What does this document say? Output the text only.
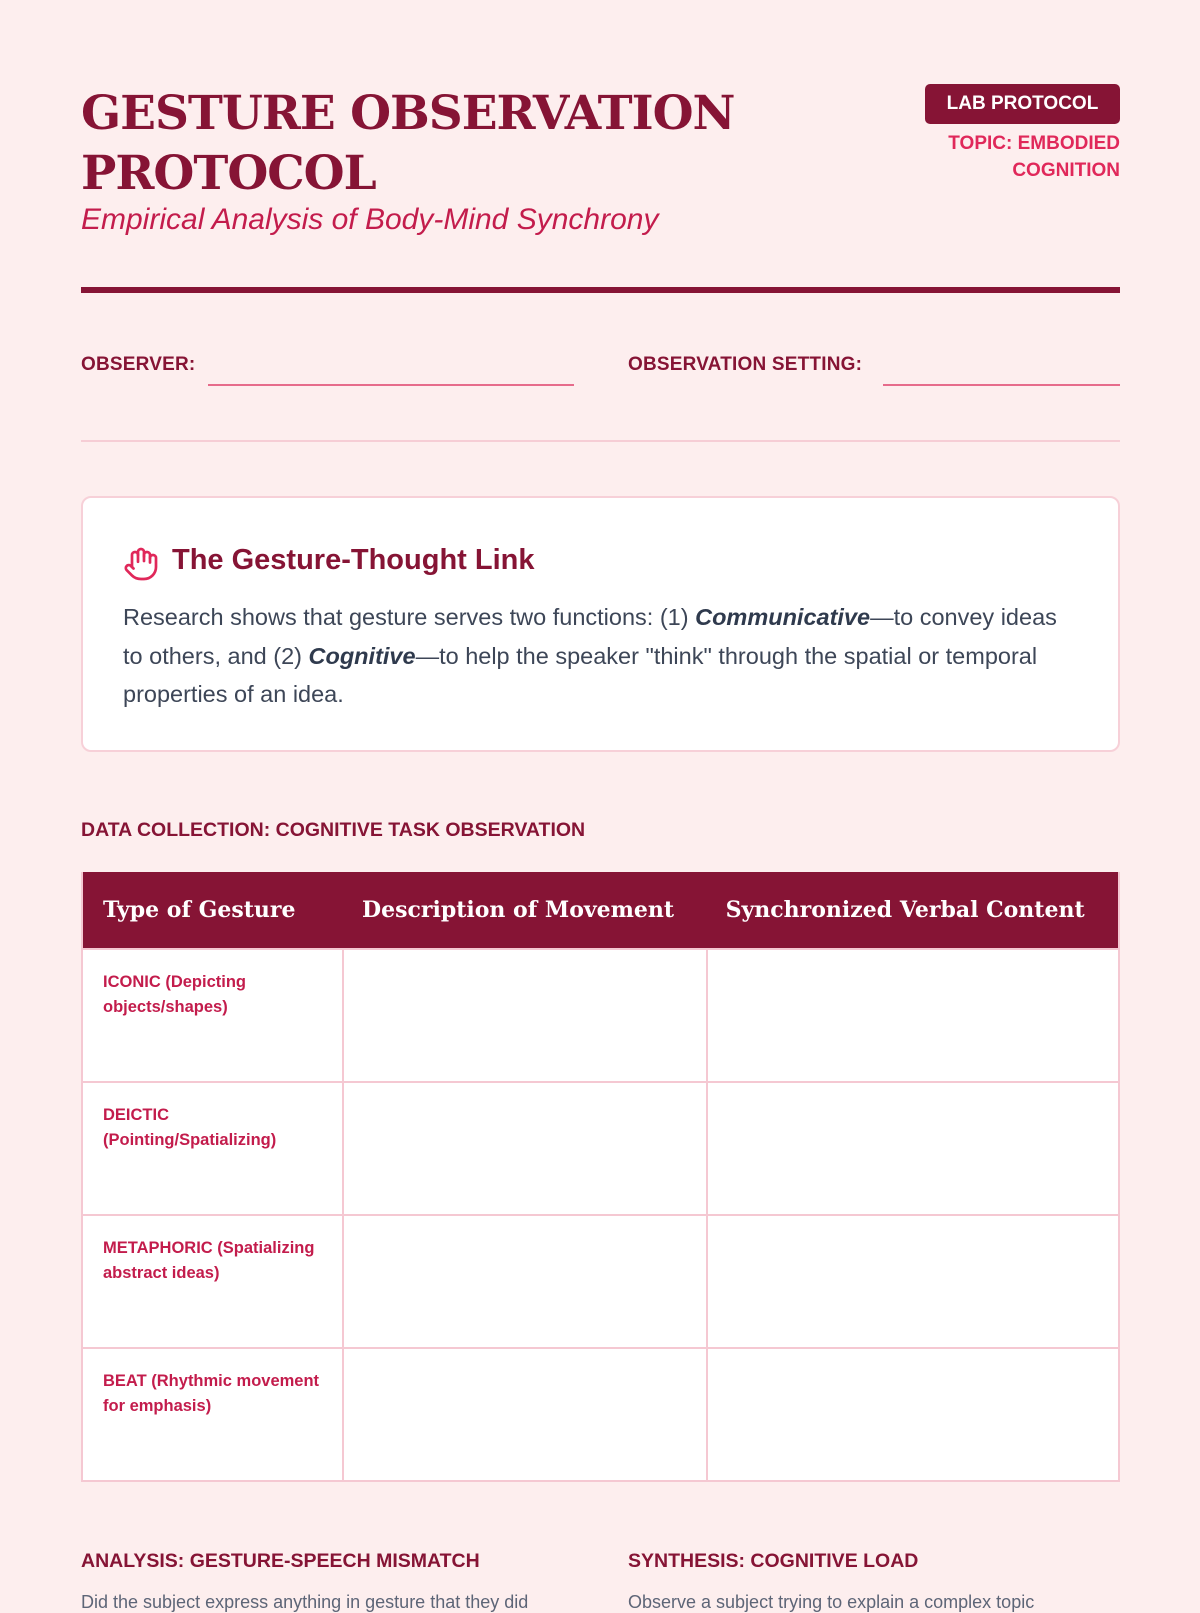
GESTURE OBSERVATION PROTOCOL
Empirical Analysis of Body-Mind Synchrony
LAB PROTOCOL
TOPIC: EMBODIED COGNITION
OBSERVER:	OBSERVATION SETTING:
The Gesture-Thought Link

Research shows that gesture serves two functions: (1) Communicative—to convey ideas to others, and (2) Cognitive—to help the speaker "think" through the spatial or temporal properties of an idea.

DATA COLLECTION: COGNITIVE TASK OBSERVATION
Type of Gesture	Description of Movement	Synchronized Verbal Content
ICONIC (Depicting objects/shapes)
DEICTIC (Pointing/Spatializing)
METAPHORIC (Spatializing abstract ideas)
BEAT (Rhythmic movement for emphasis)
ANALYSIS: GESTURE-SPEECH MISMATCH
Did the subject express anything in gesture that they did
SYNTHESIS: COGNITIVE LOAD
Observe a subject trying to explain a complex topic
